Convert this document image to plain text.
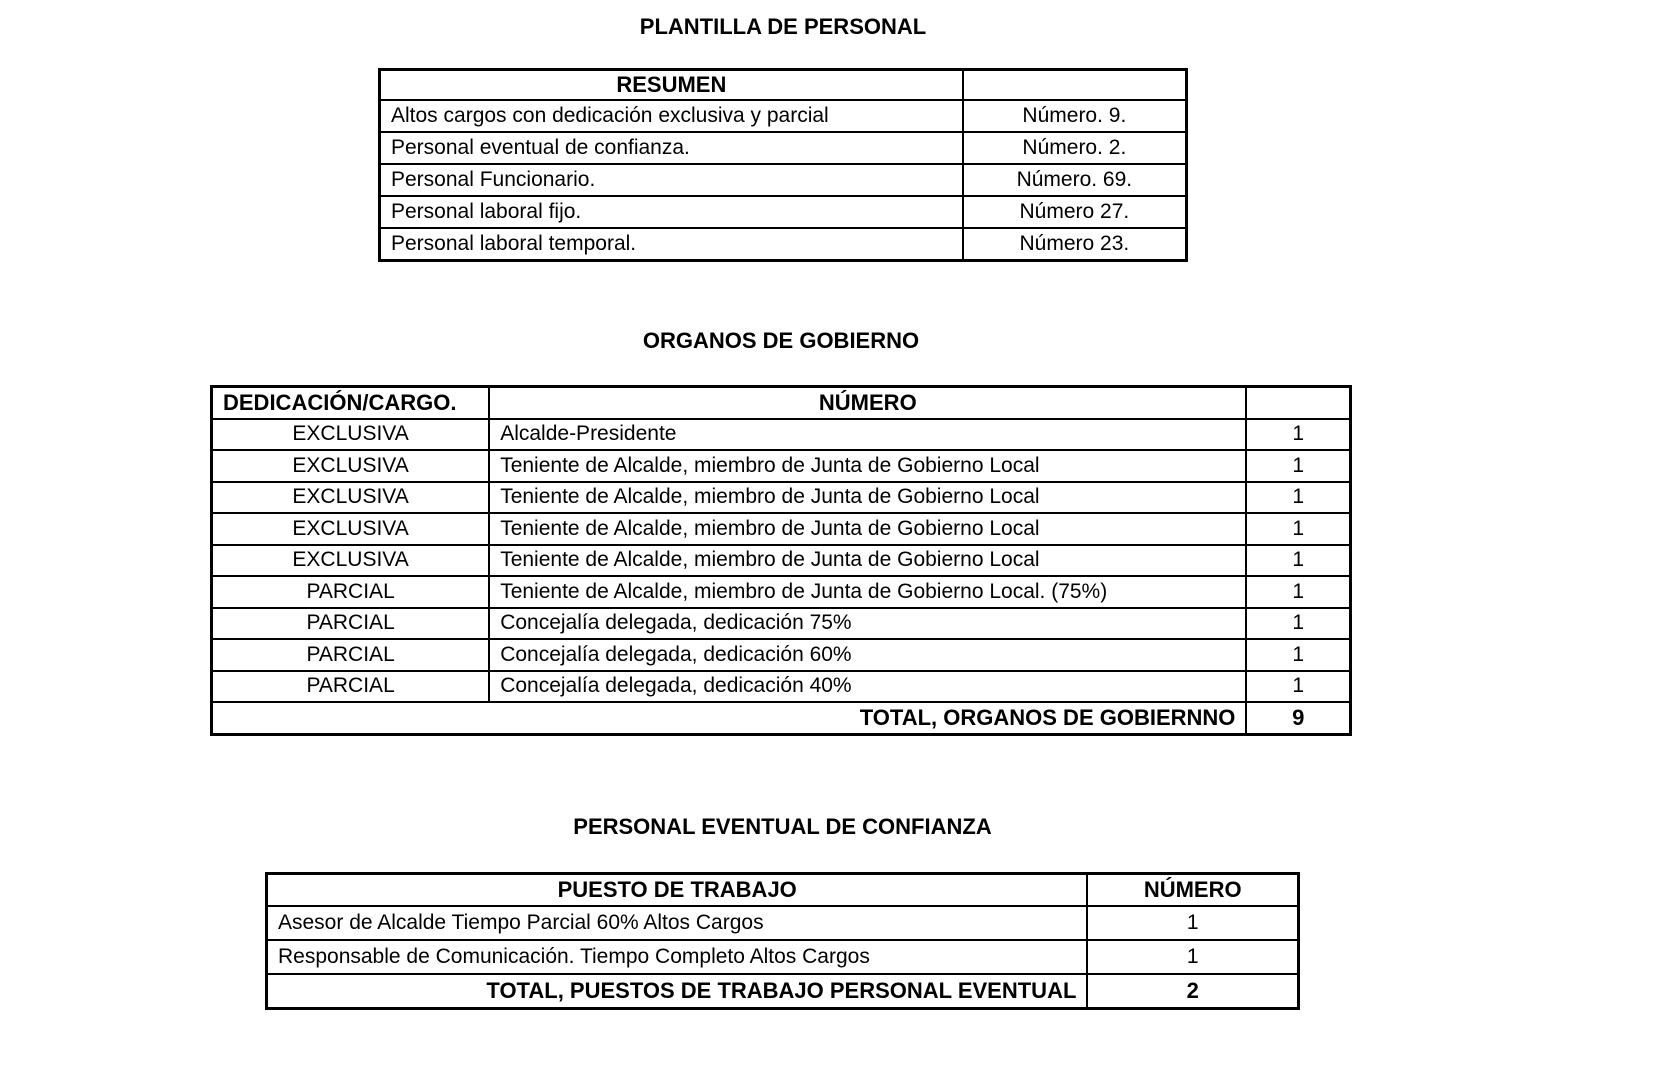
PLANTILLA DE PERSONAL
RESUMEN	
Altos cargos con dedicación exclusiva y parcial	Número. 9.
Personal eventual de confianza.	Número. 2.
Personal Funcionario.	Número. 69.
Personal laboral fijo.	Número 27.
Personal laboral temporal.	Número 23.
ORGANOS DE GOBIERNO
DEDICACIÓN/CARGO.	NÚMERO	
EXCLUSIVA	Alcalde-Presidente	1
EXCLUSIVA	Teniente de Alcalde, miembro de Junta de Gobierno Local	1
EXCLUSIVA	Teniente de Alcalde, miembro de Junta de Gobierno Local	1
EXCLUSIVA	Teniente de Alcalde, miembro de Junta de Gobierno Local	1
EXCLUSIVA	Teniente de Alcalde, miembro de Junta de Gobierno Local	1
PARCIAL	Teniente de Alcalde, miembro de Junta de Gobierno Local. (75%)	1
PARCIAL	Concejalía delegada, dedicación 75%	1
PARCIAL	Concejalía delegada, dedicación 60%	1
PARCIAL	Concejalía delegada, dedicación 40%	1
TOTAL, ORGANOS DE GOBIERNNO		9
PERSONAL EVENTUAL DE CONFIANZA
PUESTO DE TRABAJO	NÚMERO
Asesor de Alcalde Tiempo Parcial 60% Altos Cargos	1
Responsable de Comunicación. Tiempo Completo Altos Cargos	1
TOTAL, PUESTOS DE TRABAJO PERSONAL EVENTUAL	2
